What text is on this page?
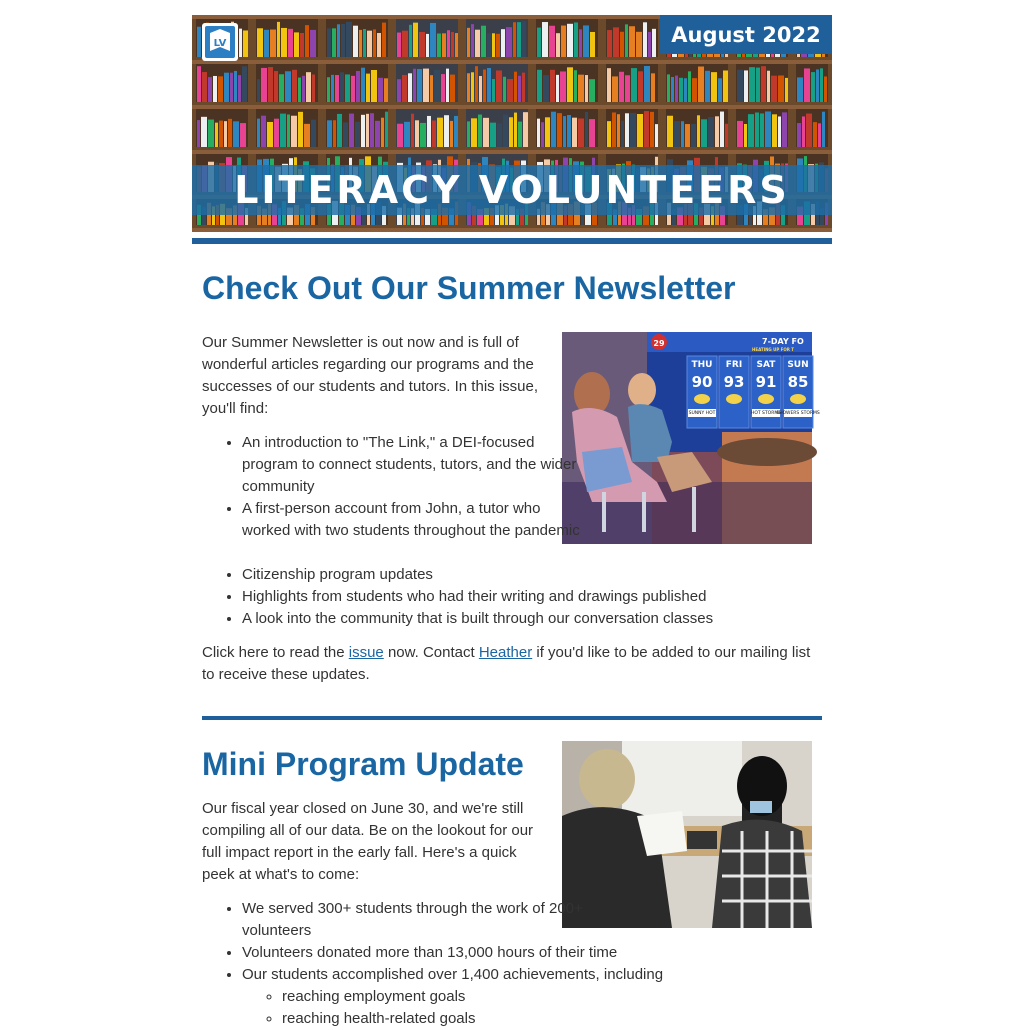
LV	August 2022
LITERACY VOLUNTEERS
Check Out Our Summer Newsletter
29	7-DAY FO
HEATING UP FOR T
THU
90
SUNNY HOT
FRI
93
SAT
91
HOT STORMS
SUN
85
SHOWERS STORMS

Our Summer Newsletter is out now and is full of wonderful articles regarding our programs and the successes of our students and tutors. In this issue, you'll find:

• An introduction to "The Link," a DEI-focused program to connect students, tutors, and the wider community
• A first-person account from John, a tutor who worked with two students throughout the pandemic
• Citizenship program updates
• Highlights from students who had their writing and drawings published
• A look into the community that is built through our conversation classes

Click here to read the issue now. Contact Heather if you'd like to be added to our mailing list to receive these updates.

Mini Program Update

Our fiscal year closed on June 30, and we're still compiling all of our data. Be on the lookout for our full impact report in the early fall. Here's a quick peek at what's to come:

• We served 300+ students through the work of 200+ volunteers
• Volunteers donated more than 13,000 hours of their time
• Our students accomplished over 1,400 achievements, including
◦ reaching employment goals
◦ reaching health-related goals
